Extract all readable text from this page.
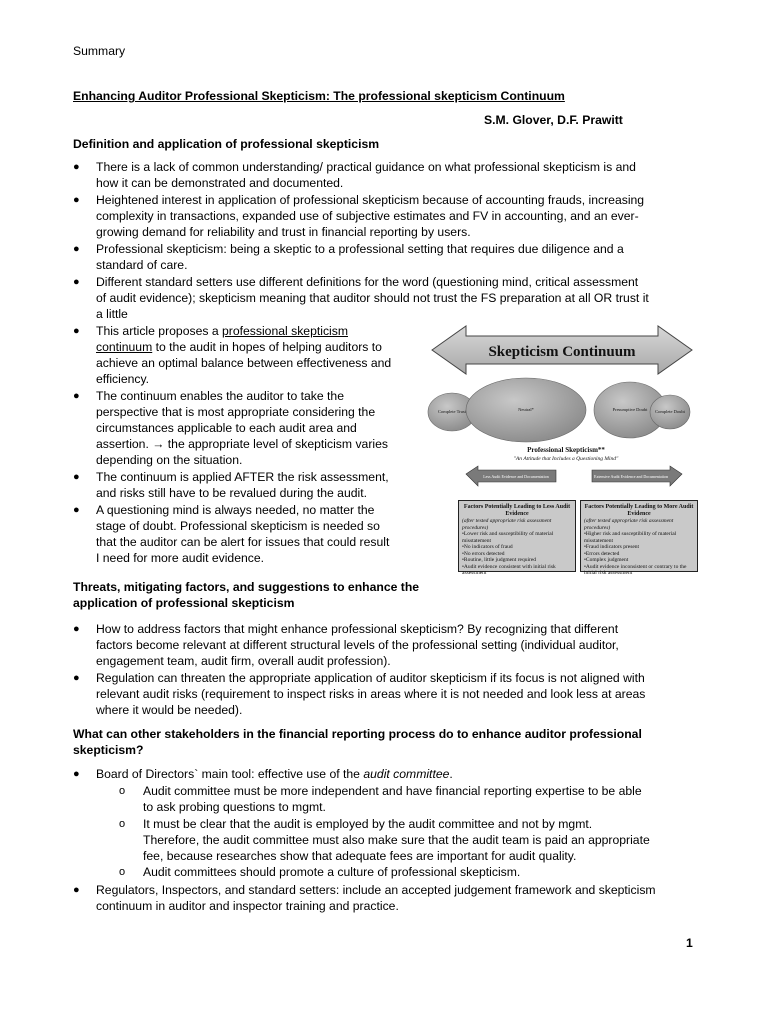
Summary
Enhancing Auditor Professional Skepticism: The professional skepticism Continuum
S.M. Glover, D.F. Prawitt
Definition and application of professional skepticism
● There is a lack of common understanding/ practical guidance on what professional skepticism is and
how it can be demonstrated and documented.
● Heightened interest in application of professional skepticism because of accounting frauds, increasing
complexity in transactions, expanded use of subjective estimates and FV in accounting, and an ever-
growing demand for reliability and trust in financial reporting by users.
● Professional skepticism: being a skeptic to a professional setting that requires due diligence and a
standard of care.
● Different standard setters use different definitions for the word (questioning mind, critical assessment
of audit evidence); skepticism meaning that auditor should not trust the FS preparation at all OR trust it
a little
● This article proposes a professional skepticism
continuum to the audit in hopes of helping auditors to
achieve an optimal balance between effectiveness and
efficiency.
● The continuum enables the auditor to take the
perspective that is most appropriate considering the
circumstances applicable to each audit area and
assertion. → the appropriate level of skepticism varies
depending on the situation.
● The continuum is applied AFTER the risk assessment,
and risks still have to be revalued during the audit.
● A questioning mind is always needed, no matter the
stage of doubt. Professional skepticism is needed so
that the auditor can be alert for issues that could result
I need for more audit evidence.
Skepticism Continuum
Complete Trust	Neutral*	Presumptive Doubt Complete Doubt
Professional Skepticism**
"An Attitude that Includes a Questioning Mind"
Less Audit Evidence and Documentation	Extensive Audit Evidence and Documentation
Factors Potentially Leading to Less Audit Evidence
(after tested appropriate risk assessment procedures)
•Lower risk and susceptibility of material misstatement
•No indicators of fraud
•No errors detected
•Routine, little judgment required
•Audit evidence consistent with initial risk assessment
Factors Potentially Leading to More Audit Evidence
(after tested appropriate risk assessment procedures)
•Higher risk and susceptibility of material misstatement
•Fraud indicators present
•Errors detected
•Complex judgment
•Audit evidence inconsistent or contrary to the initial risk assessment
Threats, mitigating factors, and suggestions to enhance the
application of professional skepticism
● How to address factors that might enhance professional skepticism? By recognizing that different
factors become relevant at different structural levels of the professional setting (individual auditor,
engagement team, audit firm, overall audit profession).
● Regulation can threaten the appropriate application of auditor skepticism if its focus is not aligned with
relevant audit risks (requirement to inspect risks in areas where it is not needed and look less at areas
where it would be needed).
What can other stakeholders in the financial reporting process do to enhance auditor professional
skepticism?
● Board of Directors` main tool: effective use of the audit committee.
o Audit committee must be more independent and have financial reporting expertise to be able
to ask probing questions to mgmt.
o It must be clear that the audit is employed by the audit committee and not by mgmt.
Therefore, the audit committee must also make sure that the audit team is paid an appropriate
fee, because researches show that adequate fees are important for audit quality.
o Audit committees should promote a culture of professional skepticism.
● Regulators, Inspectors, and standard setters: include an accepted judgement framework and skepticism
continuum in auditor and inspector training and practice.
1
